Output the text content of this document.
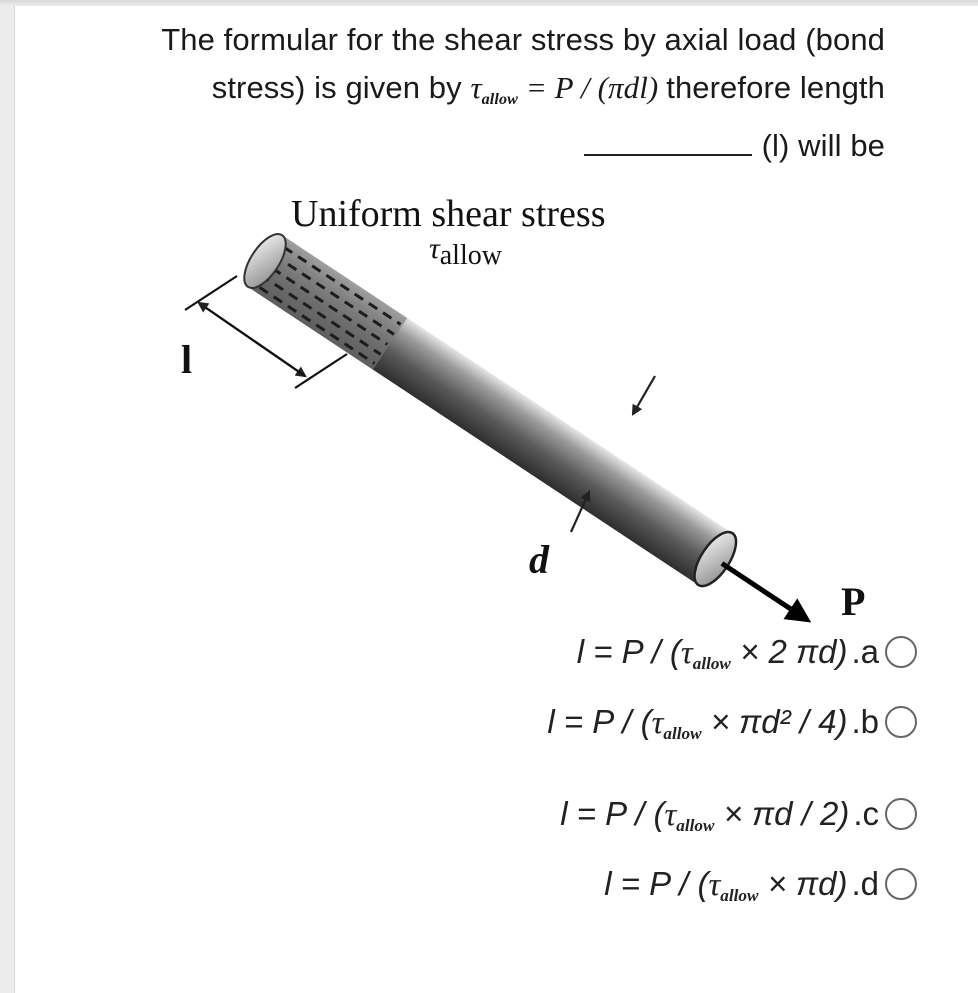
The formular for the shear stress by axial load (bond
stress) is given by τallow = P / (πdl) therefore length
(l) will be
Uniform shear stress
τallow
l
d
P
l = P / (τallow × 2 πd) .a
l = P / (τallow × πd² / 4) .b
l = P / (τallow × πd / 2) .c
l = P / (τallow × πd) .d
